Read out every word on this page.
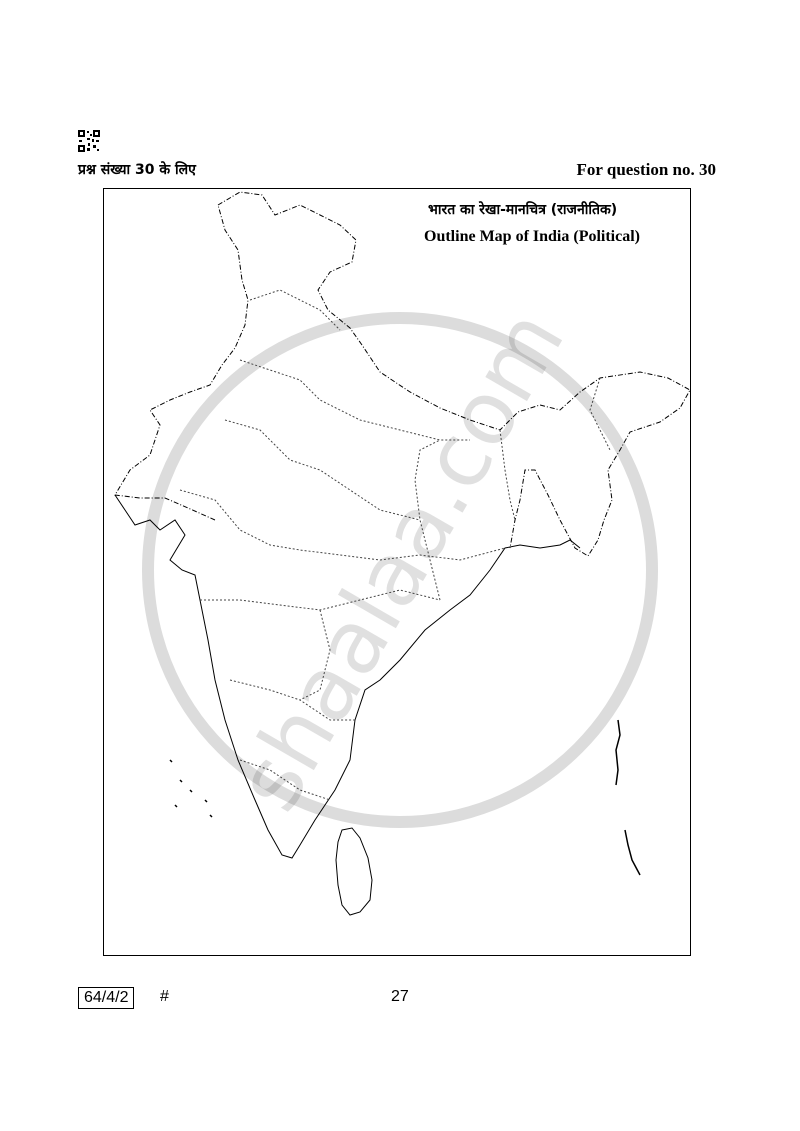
प्रश्न संख्या 30 के लिए	For question no. 30
shaalaa.com
भारत का रेखा-मानचित्र (राजनीतिक)
Outline Map of India (Political)
64/4/2	#	27
